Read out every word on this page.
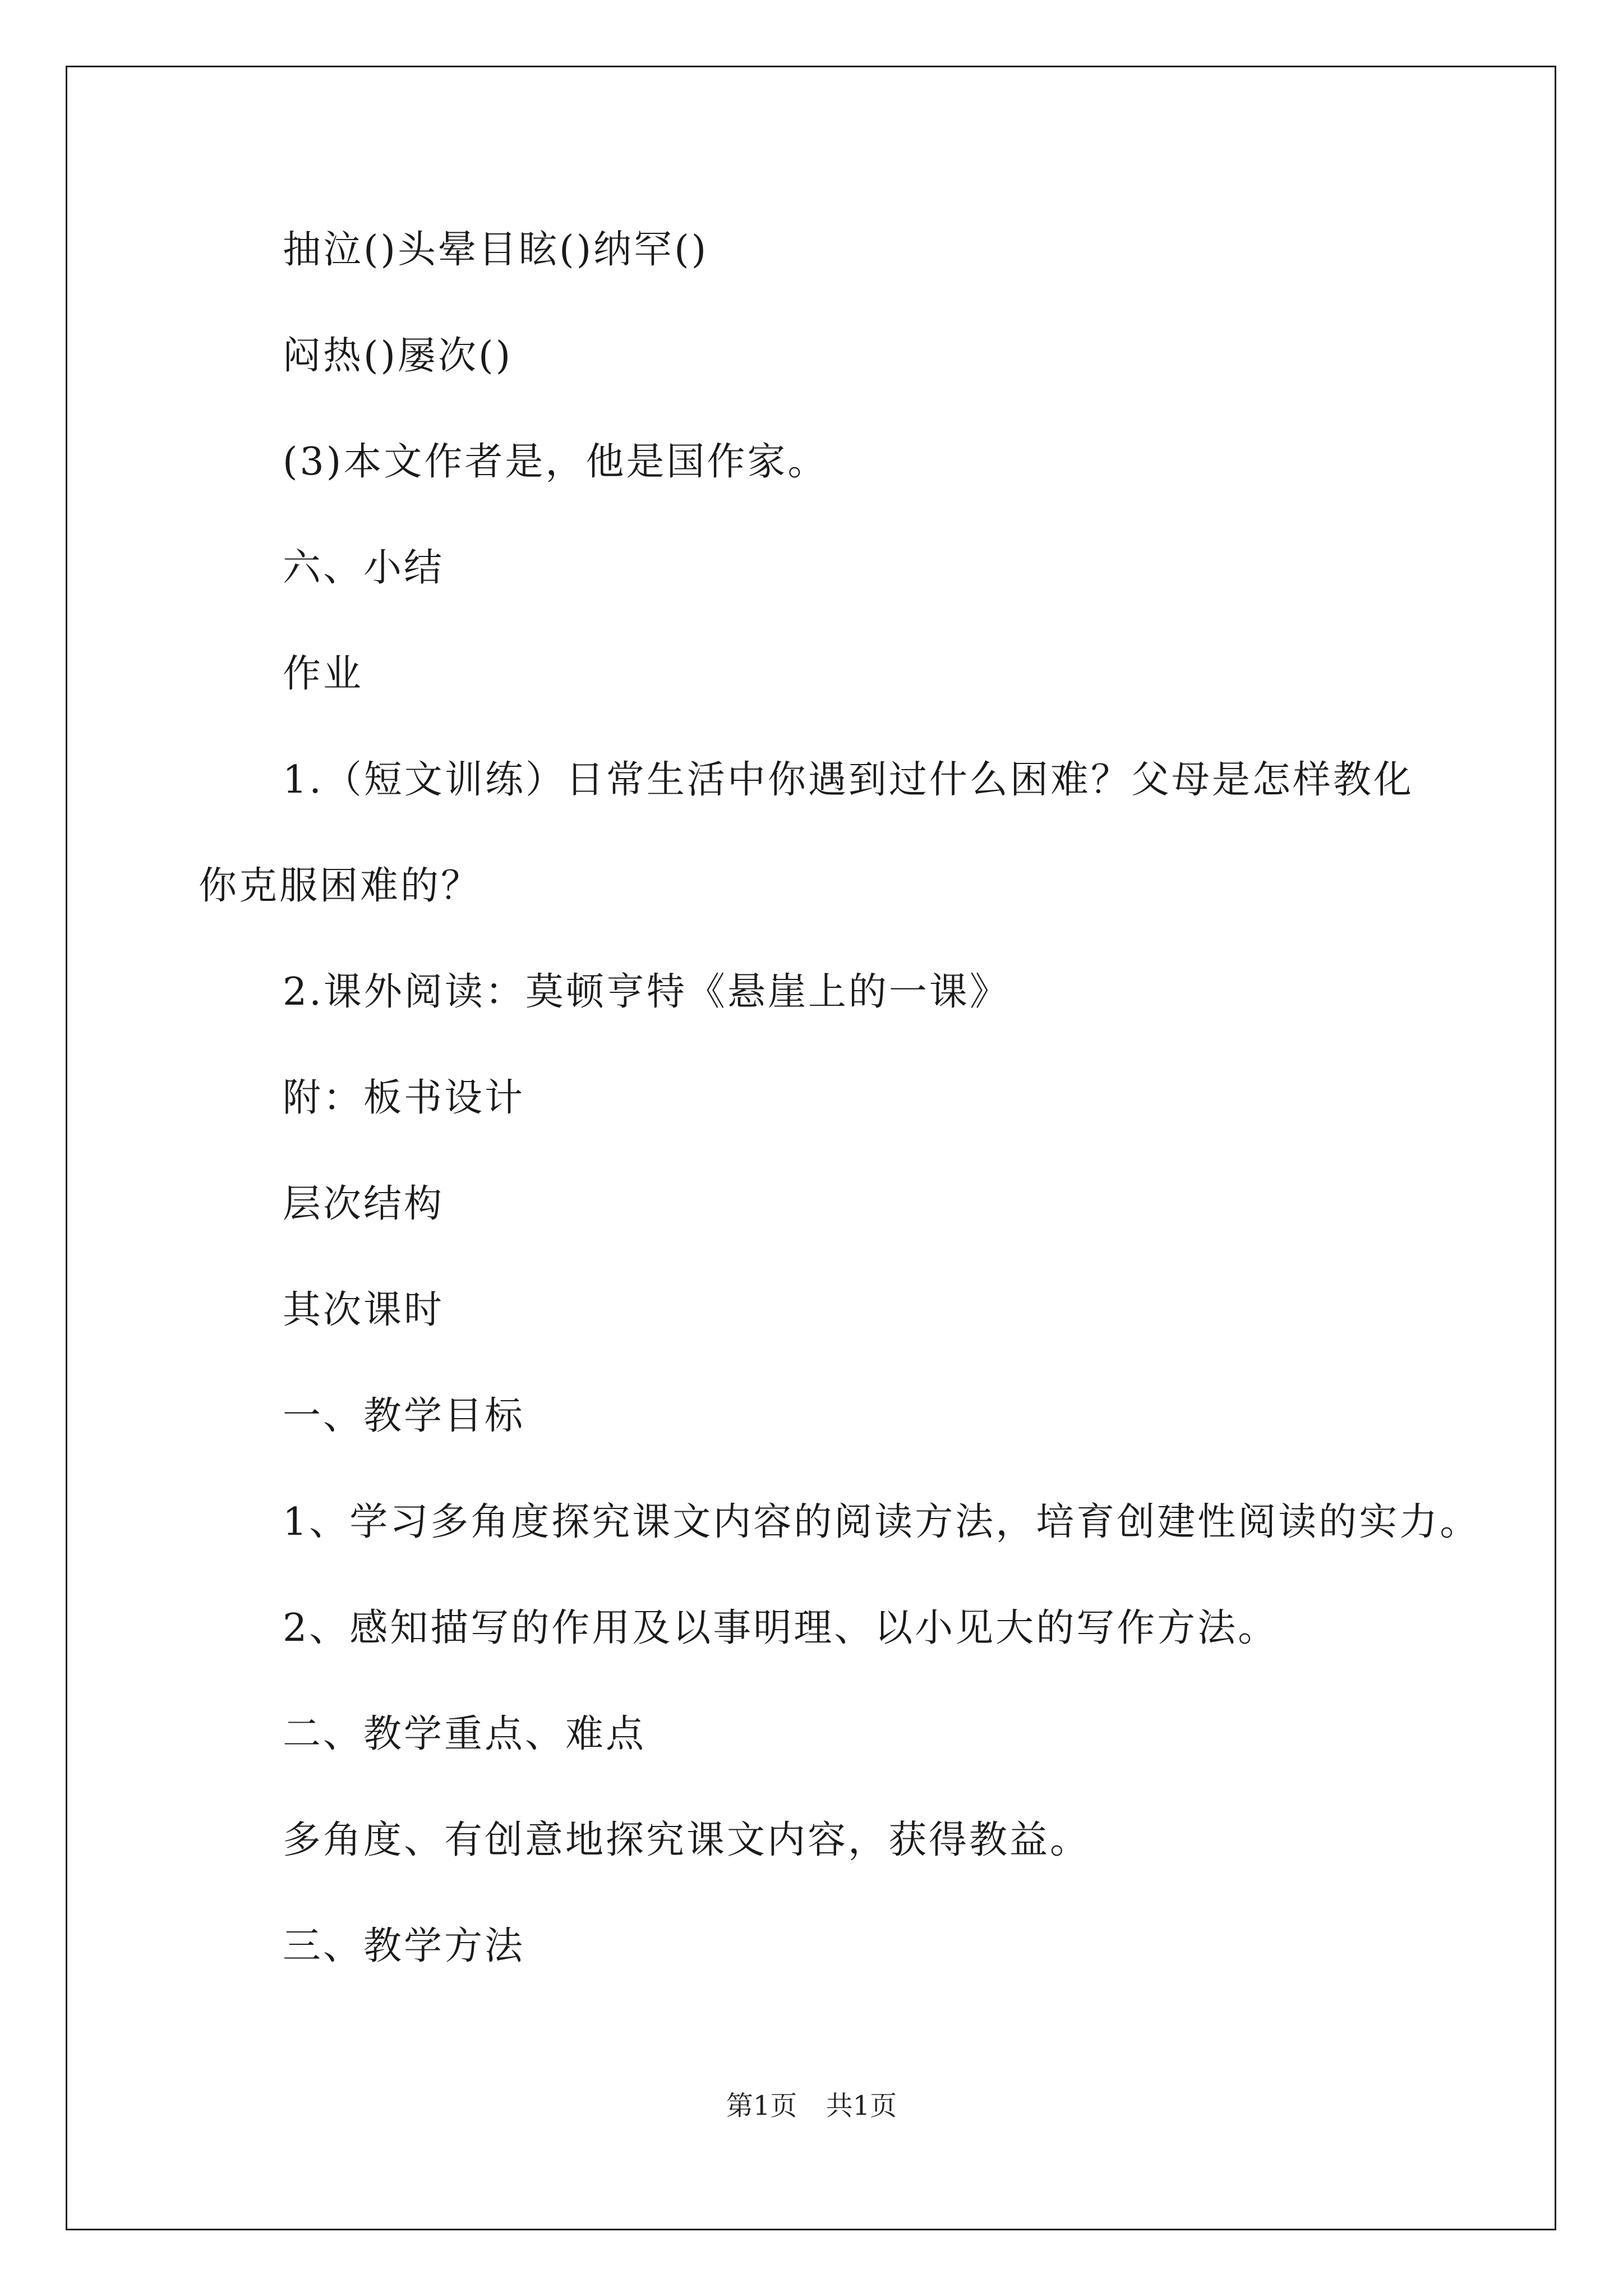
抽泣()头晕目眩()纳罕()
闷热()屡次()
(3)本文作者是，他是国作家。
六、小结
作业
1.（短文训练）日常生活中你遇到过什么困难？父母是怎样教化
你克服困难的？
2.课外阅读：莫顿亨特《悬崖上的一课》
附：板书设计
层次结构
其次课时
一、教学目标
1、学习多角度探究课文内容的阅读方法，培育创建性阅读的实力。
2、感知描写的作用及以事明理、以小见大的写作方法。
二、教学重点、难点
多角度、有创意地探究课文内容，获得教益。
三、教学方法
第1页 共1页
